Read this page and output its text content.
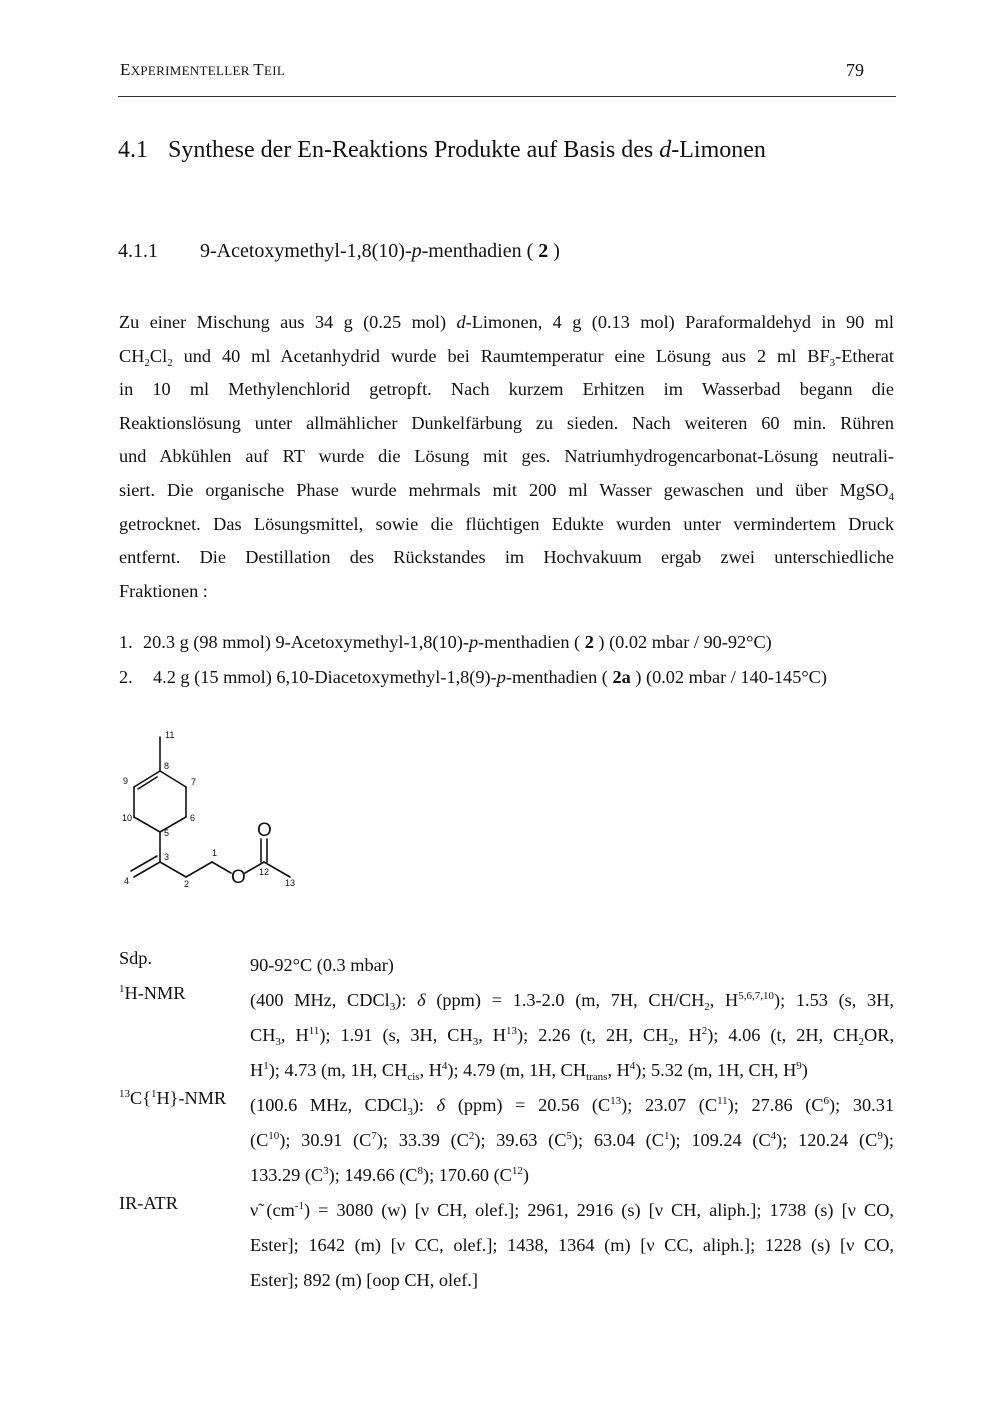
EXPERIMENTELLER TEIL	79
4.1 Synthese der En-Reaktions Produkte auf Basis des d-Limonen
4.1.1 9-Acetoxymethyl-1,8(10)-p-menthadien ( 2 )
Zu einer Mischung aus 34 g (0.25 mol) d-Limonen, 4 g (0.13 mol) Paraformaldehyd in 90 ml
$CH_2Cl_2$ und 40 ml Acetanhydrid wurde bei Raumtemperatur eine Lösung aus 2 ml $BF_3$-Etherat
in 10 ml Methylenchlorid getropft. Nach kurzem Erhitzen im Wasserbad begann die
Reaktionslösung unter allmählicher Dunkelfärbung zu sieden. Nach weiteren 60 min. Rühren
und Abkühlen auf RT wurde die Lösung mit ges. Natriumhydrogencarbonat-Lösung neutrali-
siert. Die organische Phase wurde mehrmals mit 200 ml Wasser gewaschen und über MgSO$_4$
getrocknet. Das Lösungsmittel, sowie die flüchtigen Edukte wurden unter vermindertem Druck
entfernt. Die Destillation des Rückstandes im Hochvakuum ergab zwei unterschiedliche
Fraktionen :
1. 20.3 g (98 mmol) 9-Acetoxymethyl-1,8(10)-p-menthadien ( 2 ) (0.02 mbar / 90-92°C)
2. 4.2 g (15 mmol) 6,10-Diacetoxymethyl-1,8(9)-p-menthadien ( 2a ) (0.02 mbar / 140-145°C)
O
O
11
8
9	7
10	6
5
3	1
4	2
12
13
Sdp.	90-92°C (0.3 mbar)
$^1$H-NMR	(400 MHz, CDCl$_3$): δ (ppm) = 1.3-2.0 (m, 7H, $CH/CH_2$, H$^{5,6,7,10}$); 1.53 (s, 3H,
$CH_3$, $H^{11}$); 1.91 (s, 3H, $CH_3$, $H^{13}$); 2.26 (t, 2H, $CH_2$, $H^2$); 4.06 (t, 2H, $CH_2OR$,
$H^1$); 4.73 (m, 1H, $CH_{cis}$, $H^4$); 4.79 (m, 1H, $CH_{trans}$, $H^4$); 5.32 (m, 1H, CH, $H^9$)
$^{13}$C{$^1$H}-NMR (100.6 MHz, CDCl$_3$): δ (ppm) = 20.56 $(C^{13})$; 23.07 $(C^{11})$; 27.86 $(C^6)$; 30.31
$(C^{10})$; 30.91 $(C^7)$; 33.39 $(C^2)$; 39.63 $(C^5)$; 63.04 $(C^1)$; 109.24 $(C^4)$; 120.24 $(C^9)$;
133.29 $(C^3)$; 149.66 $(C^8)$; 170.60 $(C^{12})$
IR-ATR	ν̃ $(cm^{-1}) = 3080$ (w) [ν CH, olef.]; 2961, 2916 (s) [ν CH, aliph.]; 1738 (s) [ν CO,
Ester]; 1642 (m) [ν CC, olef.]; 1438, 1364 (m) [ν CC, aliph.]; 1228 (s) [ν CO,
Ester]; 892 (m) [oop CH, olef.]
